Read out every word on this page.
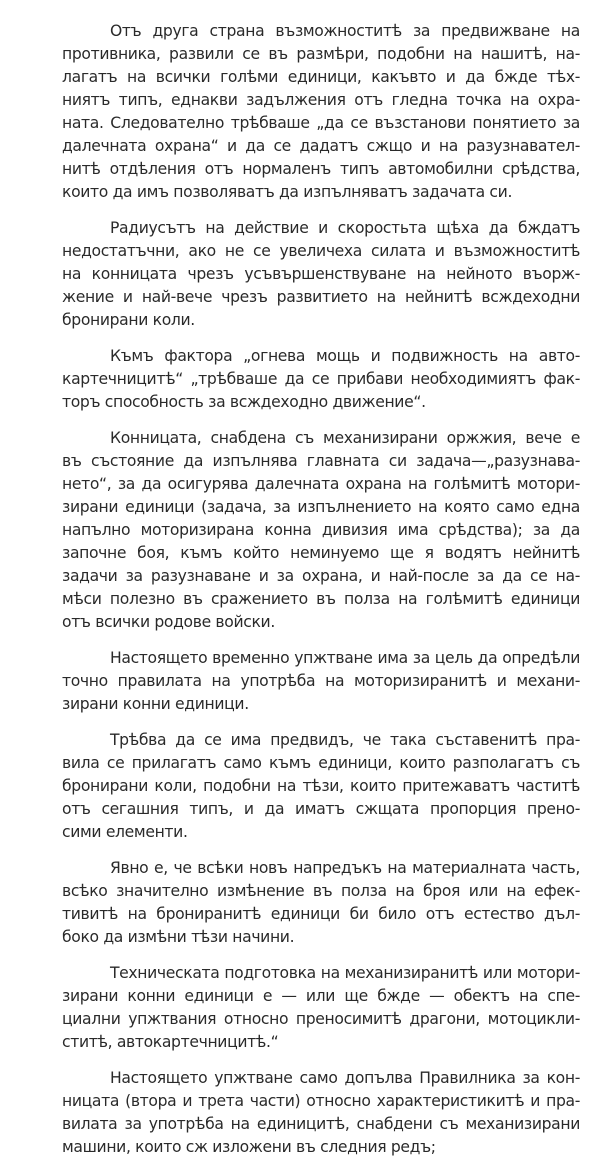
Отъ друга страна възможноститѣ за предвижване на
противника, развили се въ размѣри, подобни на нашитѣ, на-
лагатъ на всички голѣми единици, какъвто и да бжде тѣх-
ниятъ типъ, еднакви задължения отъ гледна точка на охра-
ната. Следователно трѣбваше „да се възстанови понятието за
далечната охрана“ и да се дадатъ сжщо и на разузнавател-
нитѣ отдѣления отъ нормаленъ типъ автомобилни срѣдства,
които да имъ позволяватъ да изпълняватъ задачата си.
Радиусътъ на действие и скоростьта щѣха да бждатъ
недостатъчни, ако не се увеличеха силата и възможноститѣ
на конницата чрезъ усъвършенствуване на нейното въорж-
жение и най-вече чрезъ развитието на нейнитѣ всждеходни
бронирани коли.
Къмъ фактора „огнева мощь и подвижность на авто-
картечницитѣ“ „трѣбваше да се прибави необходимиятъ фак-
торъ способность за всждеходно движение“.
Конницата, снабдена съ механизирани оржжия, вече е
въ състояние да изпълнява главната си задача—„разузнава-
нето“, за да осигурява далечната охрана на голѣмитѣ мотори-
зирани единици (задача, за изпълнението на която само една
напълно моторизирана конна дивизия има срѣдства); за да
започне боя, къмъ който неминуемо ще я водятъ нейнитѣ
задачи за разузнаване и за охрана, и най-после за да се на-
мѣси полезно въ сражението въ полза на голѣмитѣ единици
отъ всички родове войски.
Настоящето временно упжтване има за цель да опредѣли
точно правилата на употрѣба на моторизиранитѣ и механи-
зирани конни единици.
Трѣбва да се има предвидъ, че така съставенитѣ пра-
вила се прилагатъ само къмъ единици, които разполагатъ съ
бронирани коли, подобни на тѣзи, които притежаватъ частитѣ
отъ сегашния типъ, и да иматъ сжщата пропорция прено-
сими елементи.
Явно е, че всѣки новъ напредъкъ на материалната часть,
всѣко значително измѣнение въ полза на броя или на ефек-
тивитѣ на брониранитѣ единици би било отъ естество дъл-
боко да измѣни тѣзи начини.
Техническата подготовка на механизиранитѣ или мотори-
зирани конни единици е — или ще бжде — обектъ на спе-
циални упжтвания относно преносимитѣ драгони, мотоцикли-
ститѣ, автокартечницитѣ.“
Настоящето упжтване само допълва Правилника за кон-
ницата (втора и трета части) относно характеристикитѣ и пра-
вилата за употрѣба на единицитѣ, снабдени съ механизирани
машини, които сж изложени въ следния редъ;
